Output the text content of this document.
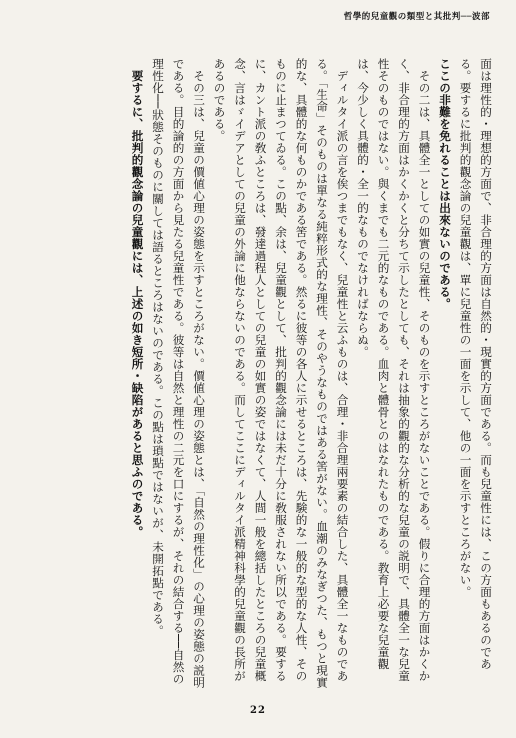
哲學的兒童觀の類型と其批判──波部

面は理性的・理想的方面で、非合理的方面は自然的・現實的方面である。而も兒童性には、この方面もあるのである。要するに批判的觀念論の兒童觀は、單に兒童性の一面を示して、他の一面を示すところがない。

ここの非難を免れることは出來ないのである。

その二は、具體全一としての如實の兒童性、そのものを示すところがないことである。假りに合理的方面はかくかく、非合理的方面はかくかくと分ちて示したとしても、それは抽象的觀的な分析的な兒童の説明で、具體全一な兒童性そのものではない。與くまでも二元的なものである。血肉と體骨とのはなれたものである。教育上必要な兒童觀は、今少しく具體的・全一的なものでなければならぬ。

ディルタイ派の言を俟つまでもなく、兒童性と云ふものは、合理・非合理兩要素の結合した、具體全一なものである。「生命」そのものは單なる純粹形式的な理性、そのやうなものではある筈がない。血潮のみなぎつた、もつと現實的な、具體的な何ものかである筈である。然るに彼等の各人に示せるところは、先験的な一般的な型的な人性、そのものに止まつてゐる。この點、余は、兒童觀として、批判的觀念論には未だ十分に敎服されない所以である。要するに、カント派の敎ふところは、發達過程人としての兒童の如實の姿ではなくて、人間一般を總括したところの兒童概念、言はゞイデアとしての兒童の外論に他ならないのである。而してここにディルタイ派精神科學的兒童觀の長所があるのである。

その三は、兒童の價値心理の姿態を示すところがない。價値心理の姿態とは、「自然の理性化」の心理の姿態の説明である。目的論的の方面から見たる兒童性である。彼等は自然と理性の二元を口にするが、それの結合する──自然の理性化──狀態そのものに關しては語るところはないのである。この點は瑣點ではないが、未開拓點である。

要するに、批判的觀念論の兒童觀には、上述の如き短所・缺陷があると思ふのである。

22
